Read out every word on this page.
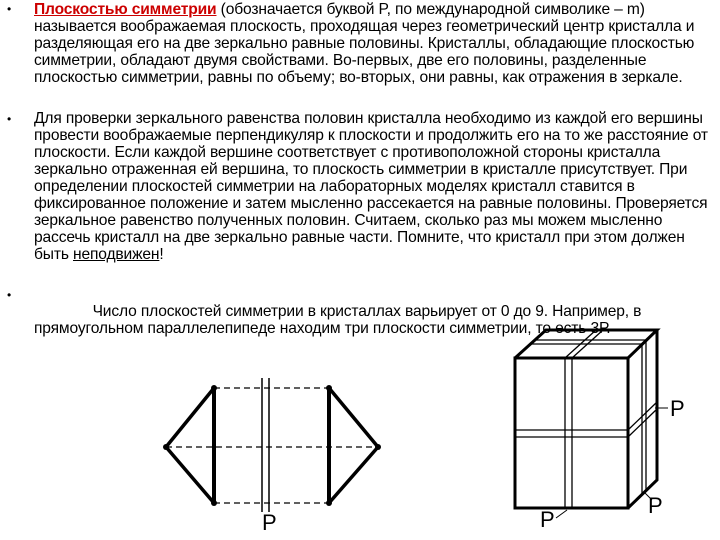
• Плоскостью симметрии (обозначается буквой P, по международной символике – m) называется воображаемая плоскость, проходящая через геометрический центр кристалла и разделяющая его на две зеркально равные половины. Кристаллы, обладающие плоскостью симметрии, обладают двумя свойствами. Во-первых, две его половины, разделенные плоскостью симметрии, равны по объему; во-вторых, они равны, как отражения в зеркале.
• Для проверки зеркального равенства половин кристалла необходимо из каждой его вершины провести воображаемые перпендикуляр к плоскости и продолжить его на то же расстояние от плоскости. Если каждой вершине соответствует с противоположной стороны кристалла зеркально отраженная ей вершина, то плоскость симметрии в кристалле присутствует. При определении плоскостей симметрии на лабораторных моделях кристалл ставится в фиксированное положение и затем мысленно рассекается на равные половины. Проверяется зеркальное равенство полученных половин. Считаем, сколько раз мы можем мысленно рассечь кристалл на две зеркально равные части. Помните, что кристалл при этом должен быть неподвижен!
•

Число плоскостей симметрии в кристаллах варьирует от 0 до 9. Например, в прямоугольном параллелепипеде находим три плоскости симметрии, то есть 3Р.

P
P
P
P
